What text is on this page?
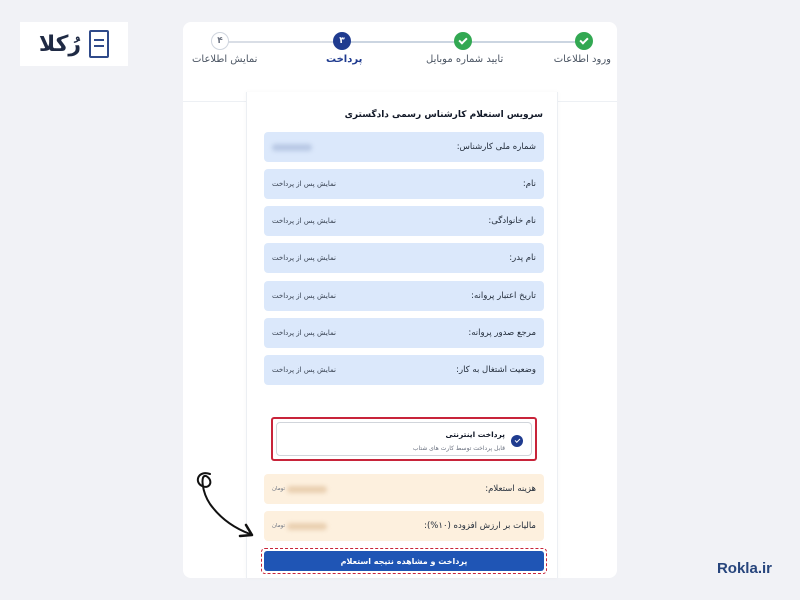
رُکلا
ورود اطلاعات
تایید شماره موبایل
۳
پرداخت
۴
نمایش اطلاعات
سرویس استعلام کارشناس رسمی دادگستری
شماره ملی کارشناس:
نام:
نمایش پس از پرداخت
نام خانوادگی:
نمایش پس از پرداخت
نام پدر:
نمایش پس از پرداخت
تاریخ اعتبار پروانه:
نمایش پس از پرداخت
مرجع صدور پروانه:
نمایش پس از پرداخت
وضعیت اشتغال به کار:
نمایش پس از پرداخت
پرداخت اینترنتی
قابل پرداخت توسط کارت های شتاب
هزینه استعلام:
تومان
مالیات بر ارزش افزوده (۱۰%):
تومان
پرداخت و مشاهده نتیجه استعلام	Rokla.ir
